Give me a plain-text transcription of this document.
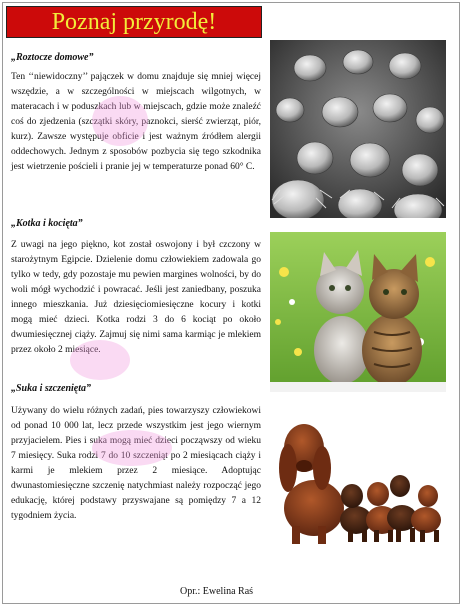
Poznaj przyrodę!
„Roztocze domowe”

Ten ‘‘niewidoczny’’ pajączek w domu znajduje się mniej więcej wszędzie, a w szczególności w miejscach wilgotnych, w materacach i w poduszkach lub w miejscach, gdzie może znaleźć coś do zjedzenia (szczątki skóry, paznokci, sierść zwierząt, piór, kurz). Zawsze występuje obficie i jest ważnym źródłem alergii oddechowych. Jednym z sposobów pozbycia się tego szkodnika jest wietrzenie pościeli i pranie jej w temperaturze ponad 60° C.

„Kotka i kocięta”

Z uwagi na jego piękno, kot został oswojony i był czczony w starożytnym Egipcie. Dzielenie domu człowiekiem zadowala go tylko w tedy, gdy pozostaje mu pewien margines wolności, by do woli mógł wychodzić i powracać. Jeśli jest zaniedbany, poszuka innego mieszkania. Już dziesięciomiesięczne kocury i kotki mogą mieć dzieci. Kotka rodzi 3 do 6 kociąt po około dwumiesięcznej ciąży. Zajmuj się nimi sama karmiąc je mlekiem przez około 2 miesiące.

„Suka i szczenięta”

Używany do wielu różnych zadań, pies towarzyszy człowiekowi od ponad 10 000 lat, lecz przede wszystkim jest jego wiernym przyjacielem. Pies i suka mogą mieć dzieci począwszy od wieku 7 miesięcy. Suka rodzi 7 do 10 szczeniąt po 2 miesiącach ciąży i karmi je mlekiem przez 2 miesiące. Adoptując dwunastomiesięczne szczenię natychmiast należy rozpocząć jego edukację, której podstawy przyswajane są pomiędzy 7 a 12 tygodniem życia.

Opr.: Ewelina Raś
